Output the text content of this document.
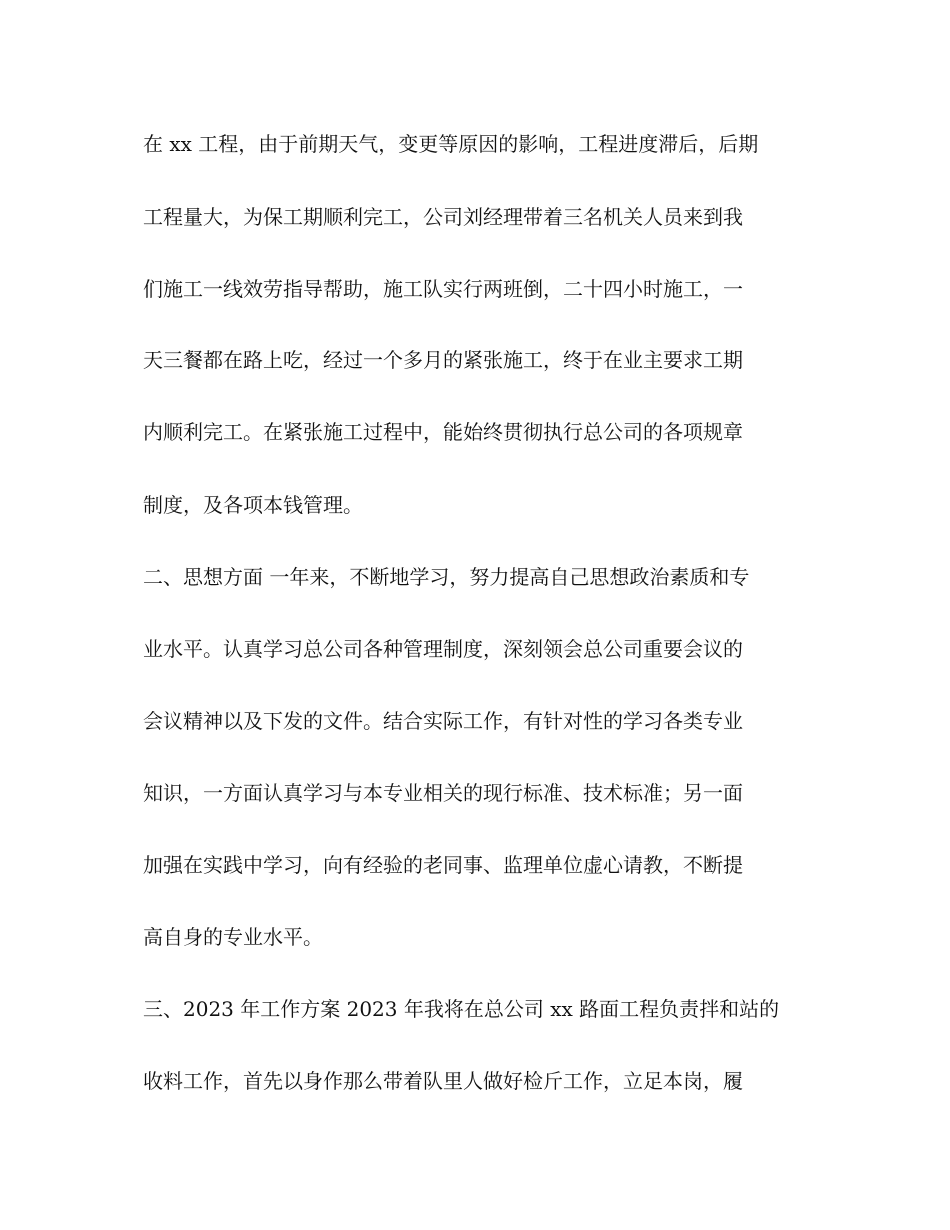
在 xx 工程，由于前期天气，变更等原因的影响，工程进度滞后，后期
工程量大，为保工期顺利完工，公司刘经理带着三名机关人员来到我
们施工一线效劳指导帮助，施工队实行两班倒，二十四小时施工，一
天三餐都在路上吃，经过一个多月的紧张施工，终于在业主要求工期
内顺利完工。在紧张施工过程中，能始终贯彻执行总公司的各项规章
制度，及各项本钱管理。
二、思想方面 一年来，不断地学习，努力提高自己思想政治素质和专
业水平。认真学习总公司各种管理制度，深刻领会总公司重要会议的
会议精神以及下发的文件。结合实际工作，有针对性的学习各类专业
知识，一方面认真学习与本专业相关的现行标准、技术标准；另一面
加强在实践中学习，向有经验的老同事、监理单位虚心请教，不断提
高自身的专业水平。
三、2023 年工作方案 2023 年我将在总公司 xx 路面工程负责拌和站的
收料工作，首先以身作那么带着队里人做好检斤工作，立足本岗，履
